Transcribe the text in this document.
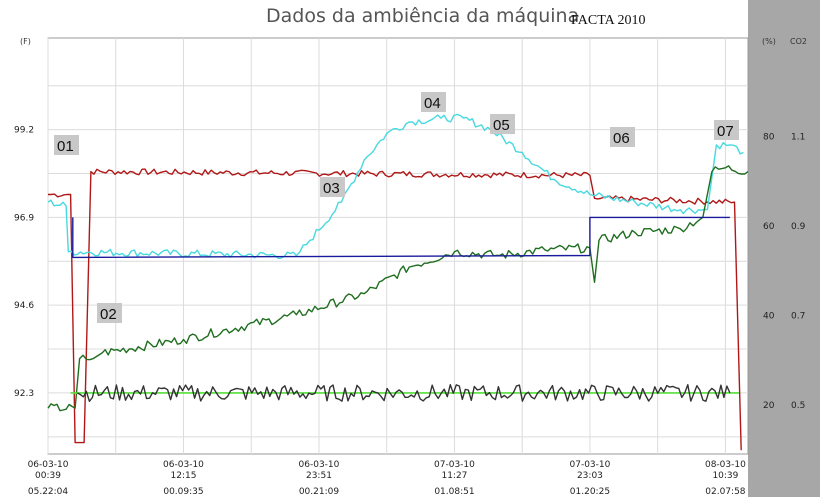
Dados da ambiência da máquina
FACTA 2010
(F)	(%) CO2
92.3
94.6
96.9
99.2
20
40
60
80
0.5
0.7
0.9
1.1
06-03-10
00:39
05.22:04
06-03-10
12:15
00.09:35
06-03-10
23:51
00.21:09
07-03-10
11:27
01.08:51
07-03-10
23:03
01.20:25
08-03-10
10:39
02.07:58
01
02
03
04
05
06	07
